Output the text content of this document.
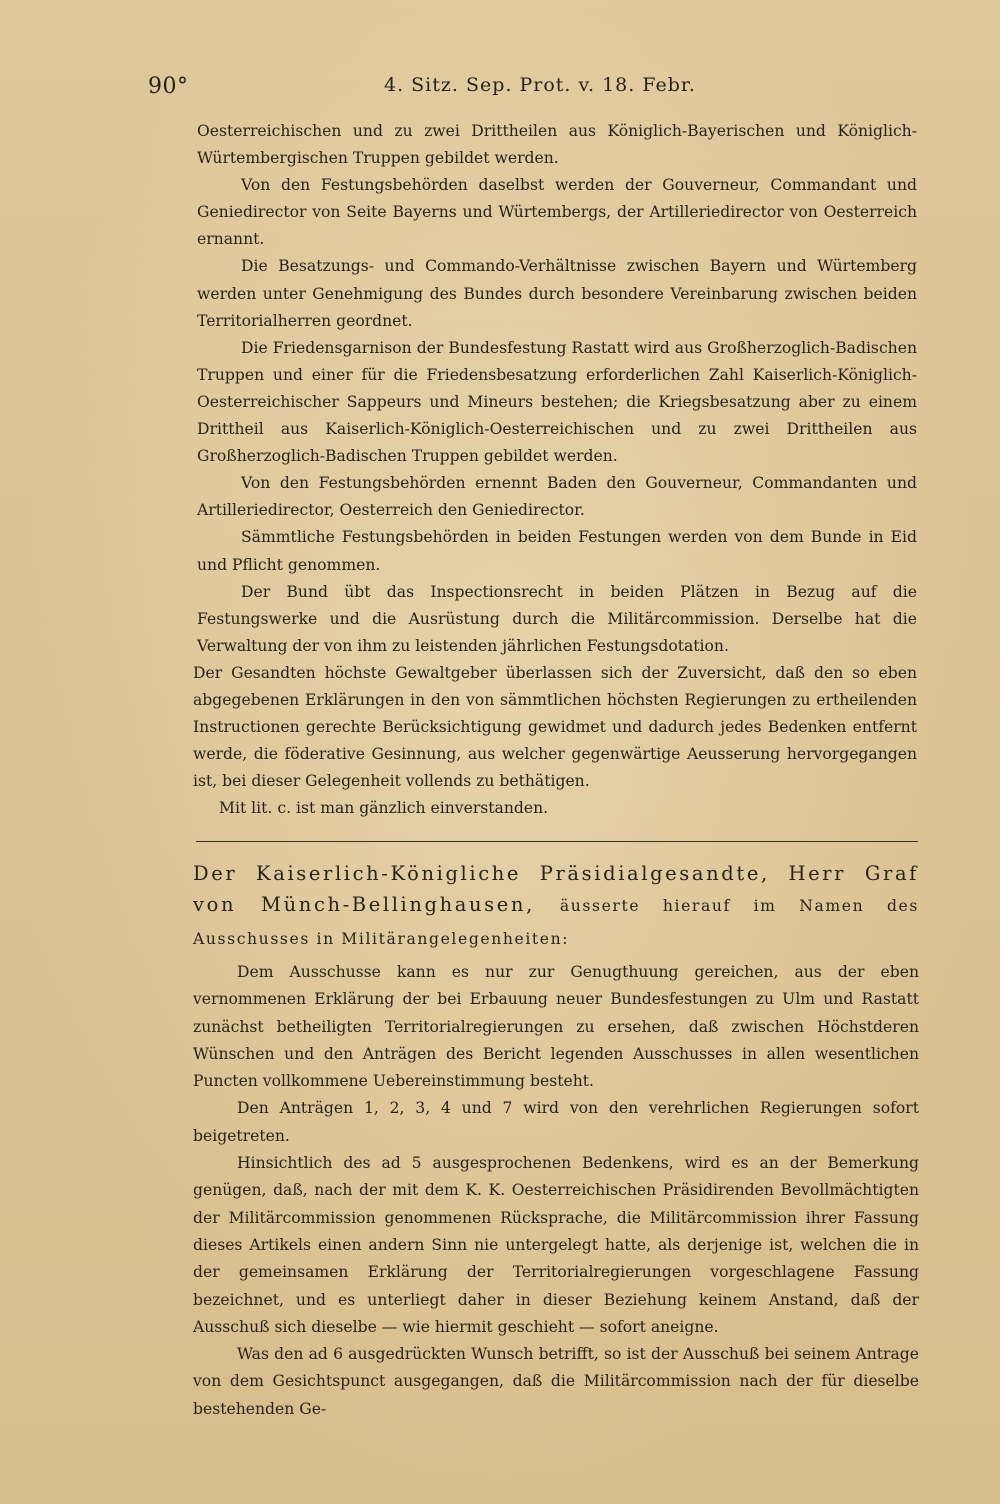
90°	4. Sitz. Sep. Prot. v. 18. Febr.

Oesterreichischen und zu zwei Drittheilen aus Königlich-Bayerischen und Königlich-Würtembergischen Truppen gebildet werden.

Von den Festungsbehörden daselbst werden der Gouverneur, Commandant und Geniedirector von Seite Bayerns und Würtembergs, der Artilleriedirector von Oesterreich ernannt.

Die Besatzungs- und Commando-Verhältnisse zwischen Bayern und Würtemberg werden unter Genehmigung des Bundes durch besondere Vereinbarung zwischen beiden Territorialherren geordnet.

Die Friedensgarnison der Bundesfestung Rastatt wird aus Großherzoglich-Badischen Truppen und einer für die Friedensbesatzung erforderlichen Zahl Kaiserlich-Königlich-Oesterreichischer Sappeurs und Mineurs bestehen; die Kriegsbesatzung aber zu einem Drittheil aus Kaiserlich-Königlich-Oesterreichischen und zu zwei Drittheilen aus Großherzoglich-Badischen Truppen gebildet werden.

Von den Festungsbehörden ernennt Baden den Gouverneur, Commandanten und Artilleriedirector, Oesterreich den Geniedirector.

Sämmtliche Festungsbehörden in beiden Festungen werden von dem Bunde in Eid und Pflicht genommen.

Der Bund übt das Inspectionsrecht in beiden Plätzen in Bezug auf die Festungswerke und die Ausrüstung durch die Militärcommission. Derselbe hat die Verwaltung der von ihm zu leistenden jährlichen Festungsdotation.

Der Gesandten höchste Gewaltgeber überlassen sich der Zuversicht, daß den so eben abgegebenen Erklärungen in den von sämmtlichen höchsten Regierungen zu ertheilenden Instructionen gerechte Berücksichtigung gewidmet und dadurch jedes Bedenken entfernt werde, die föderative Gesinnung, aus welcher gegenwärtige Aeusserung hervorgegangen ist, bei dieser Gelegenheit vollends zu bethätigen.

Mit lit. c. ist man gänzlich einverstanden.

Der Kaiserlich-Königliche Präsidialgesandte, Herr Graf von Münch-Bellinghausen, äusserte hierauf im Namen des Ausschusses in Militärangelegenheiten:

Dem Ausschusse kann es nur zur Genugthuung gereichen, aus der eben vernommenen Erklärung der bei Erbauung neuer Bundesfestungen zu Ulm und Rastatt zunächst betheiligten Territorialregierungen zu ersehen, daß zwischen Höchstderen Wünschen und den Anträgen des Bericht legenden Ausschusses in allen wesentlichen Puncten vollkommene Uebereinstimmung besteht.

Den Anträgen 1, 2, 3, 4 und 7 wird von den verehrlichen Regierungen sofort beigetreten.

Hinsichtlich des ad 5 ausgesprochenen Bedenkens, wird es an der Bemerkung genügen, daß, nach der mit dem K. K. Oesterreichischen Präsidirenden Bevollmächtigten der Militärcommission genommenen Rücksprache, die Militärcommission ihrer Fassung dieses Artikels einen andern Sinn nie untergelegt hatte, als derjenige ist, welchen die in der gemeinsamen Erklärung der Territorialregierungen vorgeschlagene Fassung bezeichnet, und es unterliegt daher in dieser Beziehung keinem Anstand, daß der Ausschuß sich dieselbe — wie hiermit geschieht — sofort aneigne.

Was den ad 6 ausgedrückten Wunsch betrifft, so ist der Ausschuß bei seinem Antrage von dem Gesichtspunct ausgegangen, daß die Militärcommission nach der für dieselbe bestehenden Ge-
